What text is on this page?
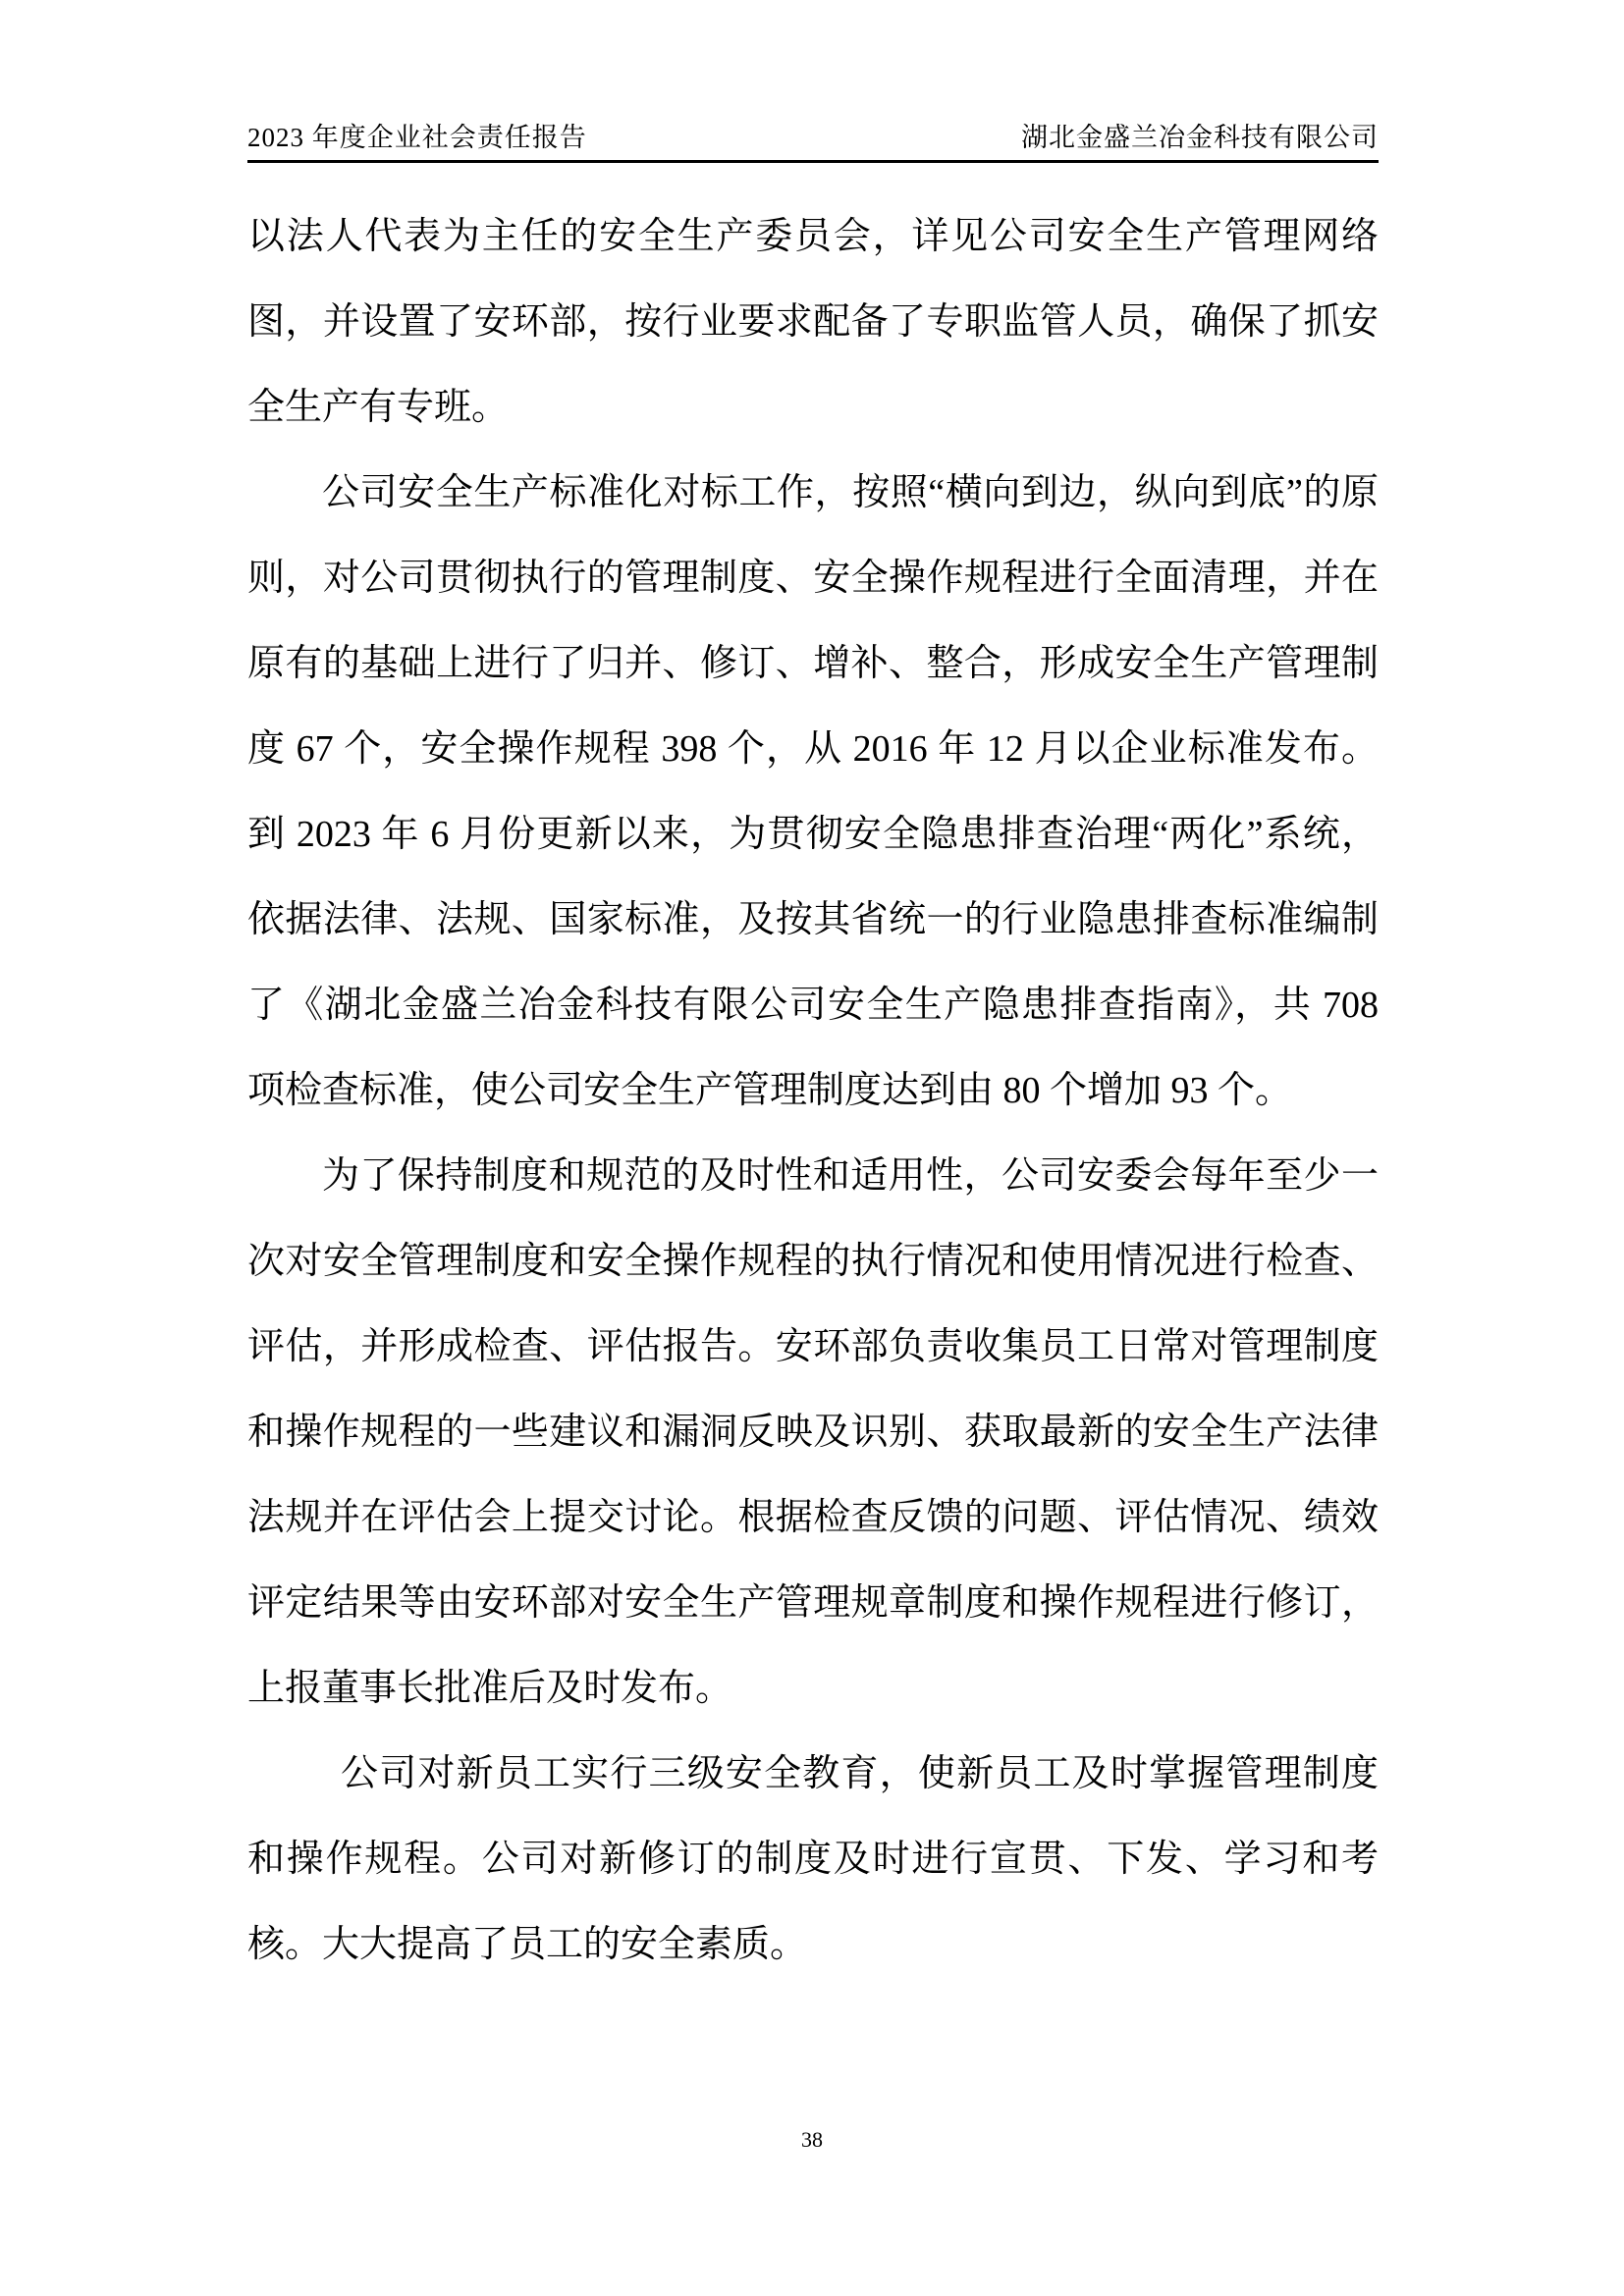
2023 年度企业社会责任报告	湖北金盛兰冶金科技有限公司

以法人代表为主任的安全生产委员会，详见公司安全生产管理网络图，并设置了安环部，按行业要求配备了专职监管人员，确保了抓安全生产有专班。

公司安全生产标准化对标工作，按照“横向到边，纵向到底”的原则，对公司贯彻执行的管理制度、安全操作规程进行全面清理，并在原有的基础上进行了归并、修订、增补、整合，形成安全生产管理制度 67 个，安全操作规程 398 个，从 2016 年 12 月以企业标准发布。到 2023 年 6 月份更新以来，为贯彻安全隐患排查治理“两化”系统，依据法律、法规、国家标准，及按其省统一的行业隐患排查标准编制了《湖北金盛兰冶金科技有限公司安全生产隐患排查指南》，共 708 项检查标准，使公司安全生产管理制度达到由 80 个增加 93 个。

为了保持制度和规范的及时性和适用性，公司安委会每年至少一次对安全管理制度和安全操作规程的执行情况和使用情况进行检查、评估，并形成检查、评估报告。安环部负责收集员工日常对管理制度和操作规程的一些建议和漏洞反映及识别、获取最新的安全生产法律法规并在评估会上提交讨论。根据检查反馈的问题、评估情况、绩效评定结果等由安环部对安全生产管理规章制度和操作规程进行修订，上报董事长批准后及时发布。

公司对新员工实行三级安全教育，使新员工及时掌握管理制度和操作规程。公司对新修订的制度及时进行宣贯、下发、学习和考核。大大提高了员工的安全素质。

38
